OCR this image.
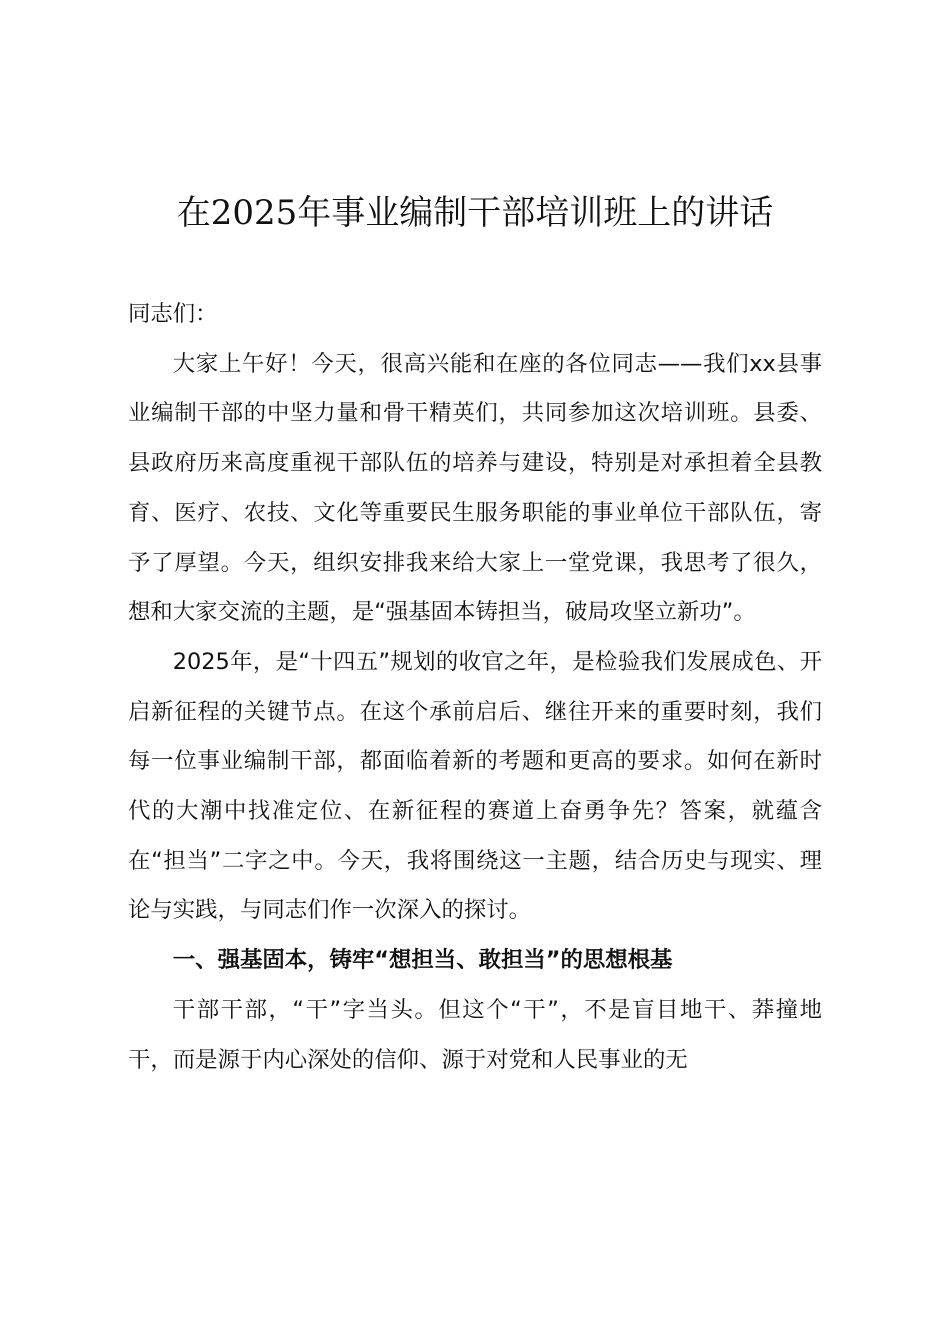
在2025年事业编制干部培训班上的讲话

同志们：

大家上午好！今天，很高兴能和在座的各位同志——我们xx县事业编制干部的中坚力量和骨干精英们，共同参加这次培训班。县委、县政府历来高度重视干部队伍的培养与建设，特别是对承担着全县教育、医疗、农技、文化等重要民生服务职能的事业单位干部队伍，寄予了厚望。今天，组织安排我来给大家上一堂党课，我思考了很久，想和大家交流的主题，是“强基固本铸担当，破局攻坚立新功”。

2025年，是“十四五”规划的收官之年，是检验我们发展成色、开启新征程的关键节点。在这个承前启后、继往开来的重要时刻，我们每一位事业编制干部，都面临着新的考题和更高的要求。如何在新时代的大潮中找准定位、在新征程的赛道上奋勇争先？答案，就蕴含在“担当”二字之中。今天，我将围绕这一主题，结合历史与现实、理论与实践，与同志们作一次深入的探讨。

一、强基固本，铸牢“想担当、敢担当”的思想根基

干部干部，“干”字当头。但这个“干”，不是盲目地干、莽撞地干，而是源于内心深处的信仰、源于对党和人民事业的无
